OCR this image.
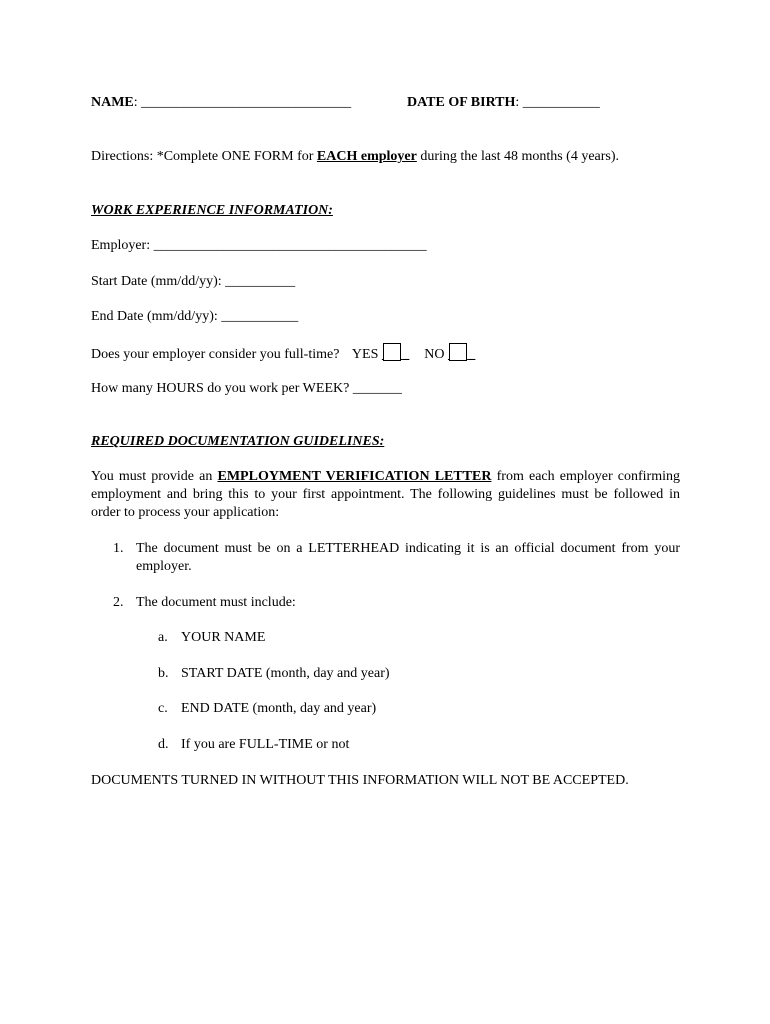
NAME: ______________________________	DATE OF BIRTH: ___________
Directions: *Complete ONE FORM for EACH employer during the last 48 months (4 years).
WORK EXPERIENCE INFORMATION:
Employer: _______________________________________
Start Date (mm/dd/yy): __________
End Date (mm/dd/yy): ___________
Does your employer consider you full-time? YES   _ NO   _
How many HOURS do you work per WEEK? _______
REQUIRED DOCUMENTATION GUIDELINES:
You must provide an EMPLOYMENT VERIFICATION LETTER from each employer confirming employment and bring this to your first appointment. The following guidelines must be followed in order to process your application:
1. The document must be on a LETTERHEAD indicating it is an official document from your employer.
2. The document must include:
a. YOUR NAME
b. START DATE (month, day and year)
c. END DATE (month, day and year)
d. If you are FULL-TIME or not
DOCUMENTS TURNED IN WITHOUT THIS INFORMATION WILL NOT BE ACCEPTED.
